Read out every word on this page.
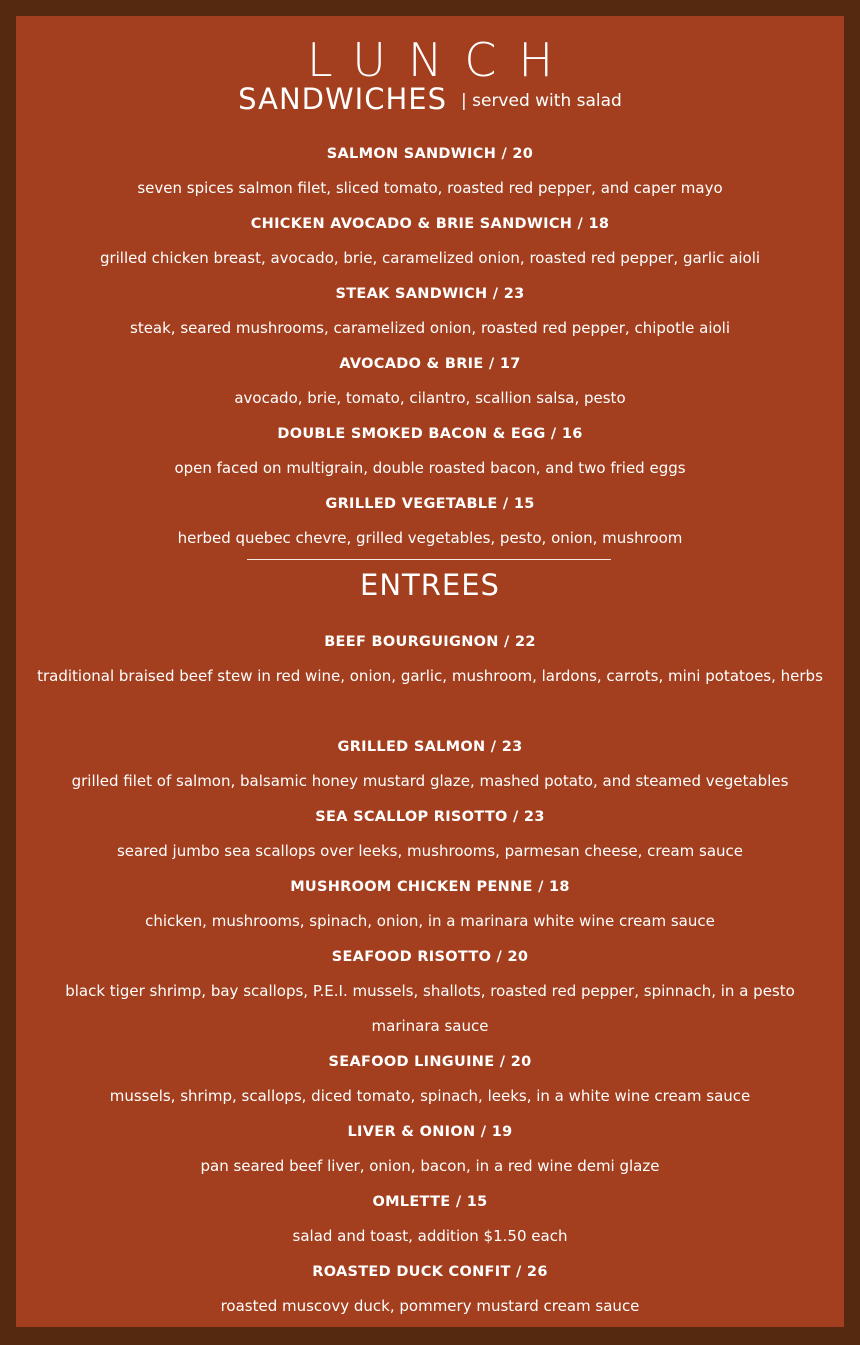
LUNCH
SANDWICHES | served with salad
SALMON SANDWICH / 20
seven spices salmon filet, sliced tomato, roasted red pepper, and caper mayo
CHICKEN AVOCADO & BRIE SANDWICH / 18
grilled chicken breast, avocado, brie, caramelized onion, roasted red pepper, garlic aioli
STEAK SANDWICH / 23
steak, seared mushrooms, caramelized onion, roasted red pepper, chipotle aioli
AVOCADO & BRIE / 17
avocado, brie, tomato, cilantro, scallion salsa, pesto
DOUBLE SMOKED BACON & EGG / 16
open faced on multigrain, double roasted bacon, and two fried eggs
GRILLED VEGETABLE / 15
herbed quebec chevre, grilled vegetables, pesto, onion, mushroom
ENTREES
BEEF BOURGUIGNON / 22
traditional braised beef stew in red wine, onion, garlic, mushroom, lardons, carrots, mini potatoes, herbs
GRILLED SALMON / 23
grilled filet of salmon, balsamic honey mustard glaze, mashed potato, and steamed vegetables
SEA SCALLOP RISOTTO / 23
seared jumbo sea scallops over leeks, mushrooms, parmesan cheese, cream sauce
MUSHROOM CHICKEN PENNE / 18
chicken, mushrooms, spinach, onion, in a marinara white wine cream sauce
SEAFOOD RISOTTO / 20
black tiger shrimp, bay scallops, P.E.I. mussels, shallots, roasted red pepper, spinnach, in a pesto marinara sauce
SEAFOOD LINGUINE / 20
mussels, shrimp, scallops, diced tomato, spinach, leeks, in a white wine cream sauce
LIVER & ONION / 19
pan seared beef liver, onion, bacon, in a red wine demi glaze
OMLETTE / 15
salad and toast, addition $1.50 each
ROASTED DUCK CONFIT / 26
roasted muscovy duck, pommery mustard cream sauce
